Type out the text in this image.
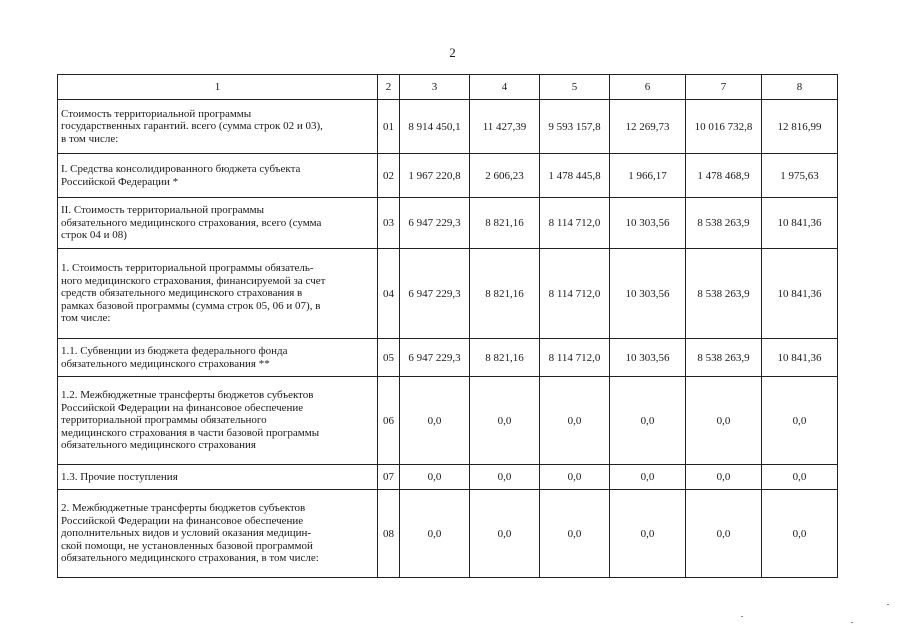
2
1	2	3	4	5	6	7	8
Стоимость территориальной программы
государственных гарантий. всего (сумма строк 02 и 03),
в том числе:	01	8 914 450,1	11 427,39	9 593 157,8	12 269,73	10 016 732,8	12 816,99
I. Средства консолидированного бюджета субъекта
Российской Федерации *	02	1 967 220,8	2 606,23	1 478 445,8	1 966,17	1 478 468,9	1 975,63
II. Стоимость территориальной программы
обязательного медицинского страхования, всего (сумма
строк 04 и 08)	03	6 947 229,3	8 821,16	8 114 712,0	10 303,56	8 538 263,9	10 841,36
1. Стоимость территориальной программы обязатель-
ного медицинского страхования, финансируемой за счет
средств обязательного медицинского страхования в
рамках базовой программы (сумма строк 05, 06 и 07), в
том числе:	04	6 947 229,3	8 821,16	8 114 712,0	10 303,56	8 538 263,9	10 841,36
1.1. Субвенции из бюджета федерального фонда
обязательного медицинского страхования **	05	6 947 229,3	8 821,16	8 114 712,0	10 303,56	8 538 263,9	10 841,36
1.2. Межбюджетные трансферты бюджетов субъектов
Российской Федерации на финансовое обеспечение
территориальной программы обязательного
медицинского страхования в части базовой программы
обязательного медицинского страхования	06	0,0	0,0	0,0	0,0	0,0	0,0
1.3. Прочие поступления	07	0,0	0,0	0,0	0,0	0,0	0,0
2. Межбюджетные трансферты бюджетов субъектов
Российской Федерации на финансовое обеспечение
дополнительных видов и условий оказания медицин-
ской помощи, не установленных базовой программой
обязательного медицинского страхования, в том числе:	08	0,0	0,0	0,0	0,0	0,0	0,0
